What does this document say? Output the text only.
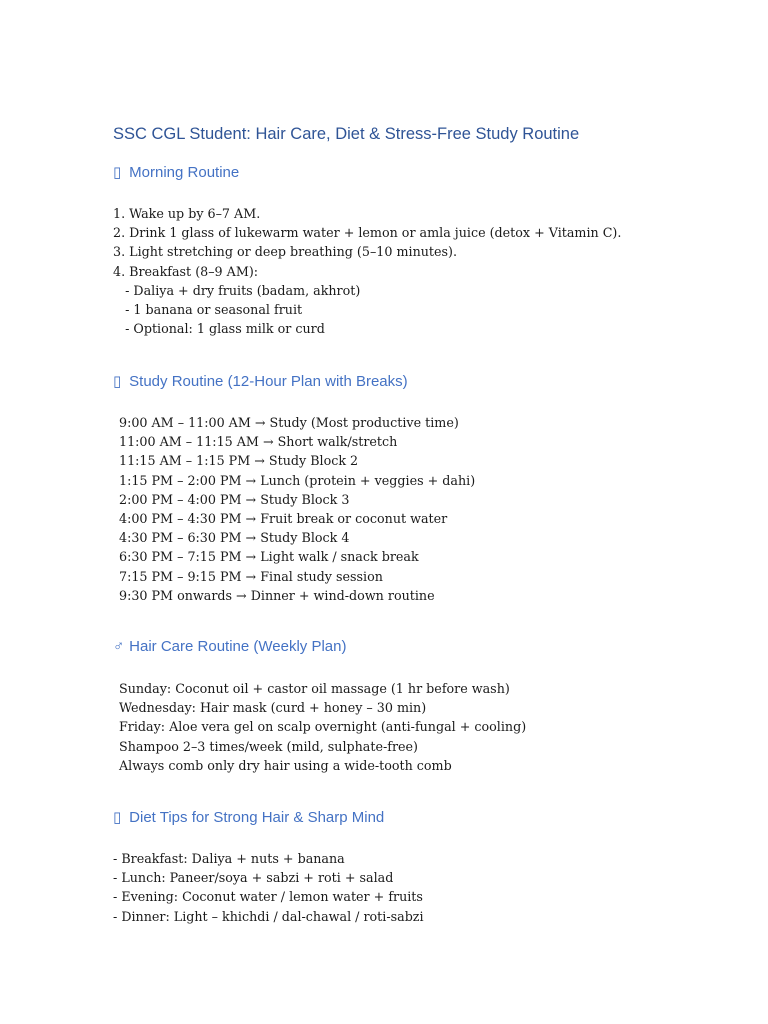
SSC CGL Student: Hair Care, Diet & Stress-Free Study Routine
▯ Morning Routine
1. Wake up by 6–7 AM.
2. Drink 1 glass of lukewarm water + lemon or amla juice (detox + Vitamin C).
3. Light stretching or deep breathing (5–10 minutes).
4. Breakfast (8–9 AM):
- Daliya + dry fruits (badam, akhrot)
- 1 banana or seasonal fruit
- Optional: 1 glass milk or curd
▯ Study Routine (12-Hour Plan with Breaks)
9:00 AM – 11:00 AM → Study (Most productive time)
11:00 AM – 11:15 AM → Short walk/stretch
11:15 AM – 1:15 PM → Study Block 2
1:15 PM – 2:00 PM → Lunch (protein + veggies + dahi)
2:00 PM – 4:00 PM → Study Block 3
4:00 PM – 4:30 PM → Fruit break or coconut water
4:30 PM – 6:30 PM → Study Block 4
6:30 PM – 7:15 PM → Light walk / snack break
7:15 PM – 9:15 PM → Final study session
9:30 PM onwards → Dinner + wind-down routine
♂ Hair Care Routine (Weekly Plan)
Sunday: Coconut oil + castor oil massage (1 hr before wash)
Wednesday: Hair mask (curd + honey – 30 min)
Friday: Aloe vera gel on scalp overnight (anti-fungal + cooling)
Shampoo 2–3 times/week (mild, sulphate-free)
Always comb only dry hair using a wide-tooth comb
▯ Diet Tips for Strong Hair & Sharp Mind
- Breakfast: Daliya + nuts + banana
- Lunch: Paneer/soya + sabzi + roti + salad
- Evening: Coconut water / lemon water + fruits
- Dinner: Light – khichdi / dal-chawal / roti-sabzi
